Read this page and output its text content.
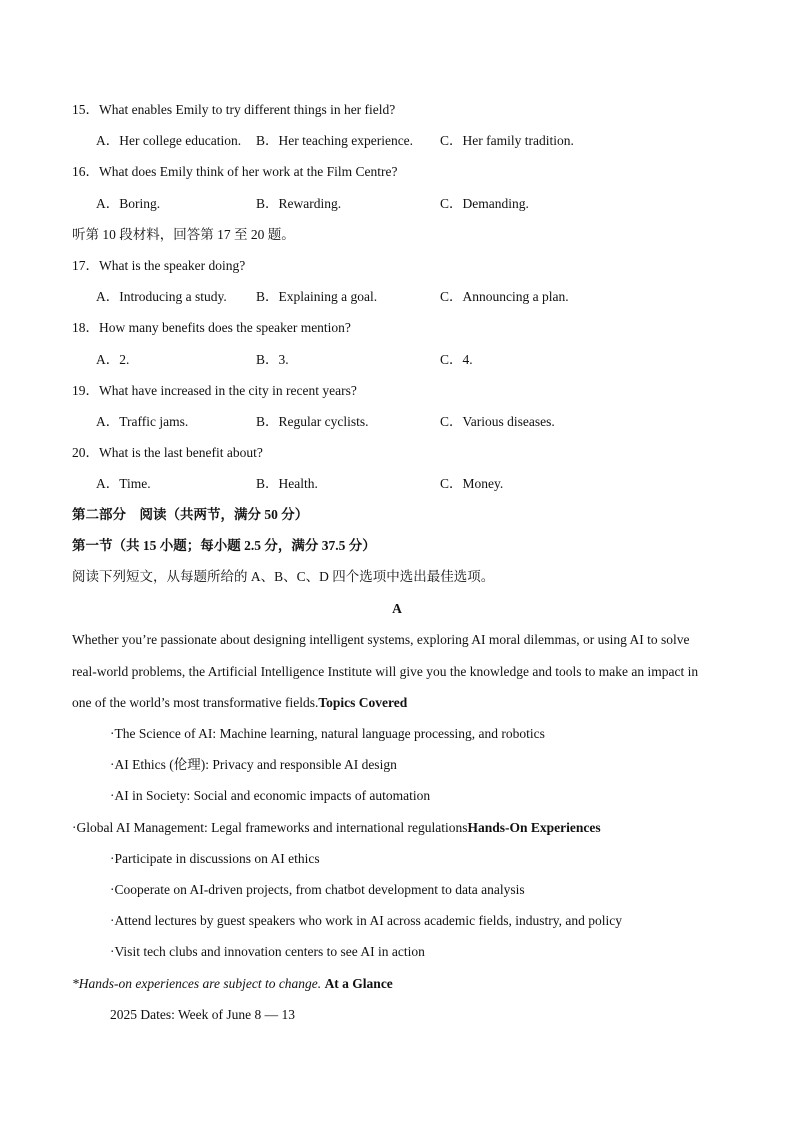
15．What enables Emily to try different things in her field?
A．Her college education. B．Her teaching experience. C．Her family tradition.
16．What does Emily think of her work at the Film Centre?
A．Boring.	B．Rewarding.	C．Demanding.
听第 10 段材料，回答第 17 至 20 题。
17．What is the speaker doing?
A．Introducing a study. B．Explaining a goal.	C．Announcing a plan.
18．How many benefits does the speaker mention?
A．2.	B．3.	C．4.
19．What have increased in the city in recent years?
A．Traffic jams.	B．Regular cyclists.	C．Various diseases.
20．What is the last benefit about?
A．Time.	B．Health.	C．Money.
第二部分　阅读（共两节，满分 50 分）
第一节（共 15 小题；每小题 2.5 分，满分 37.5 分）
阅读下列短文，从每题所给的 A、B、C、D 四个选项中选出最佳选项。
A
Whether you’re passionate about designing intelligent systems, exploring AI moral dilemmas, or using AI to solve
real-world problems, the Artificial Intelligence Institute will give you the knowledge and tools to make an impact in
one of the world’s most transformative fields.Topics Covered
·The Science of AI: Machine learning, natural language processing, and robotics
·AI Ethics (伦理): Privacy and responsible AI design
·AI in Society: Social and economic impacts of automation
·Global AI Management: Legal frameworks and international regulationsHands-On Experiences
·Participate in discussions on AI ethics
·Cooperate on AI-driven projects, from chatbot development to data analysis
·Attend lectures by guest speakers who work in AI across academic fields, industry, and policy
·Visit tech clubs and innovation centers to see AI in action
*Hands-on experiences are subject to change. At a Glance
2025 Dates: Week of June 8 — 13
